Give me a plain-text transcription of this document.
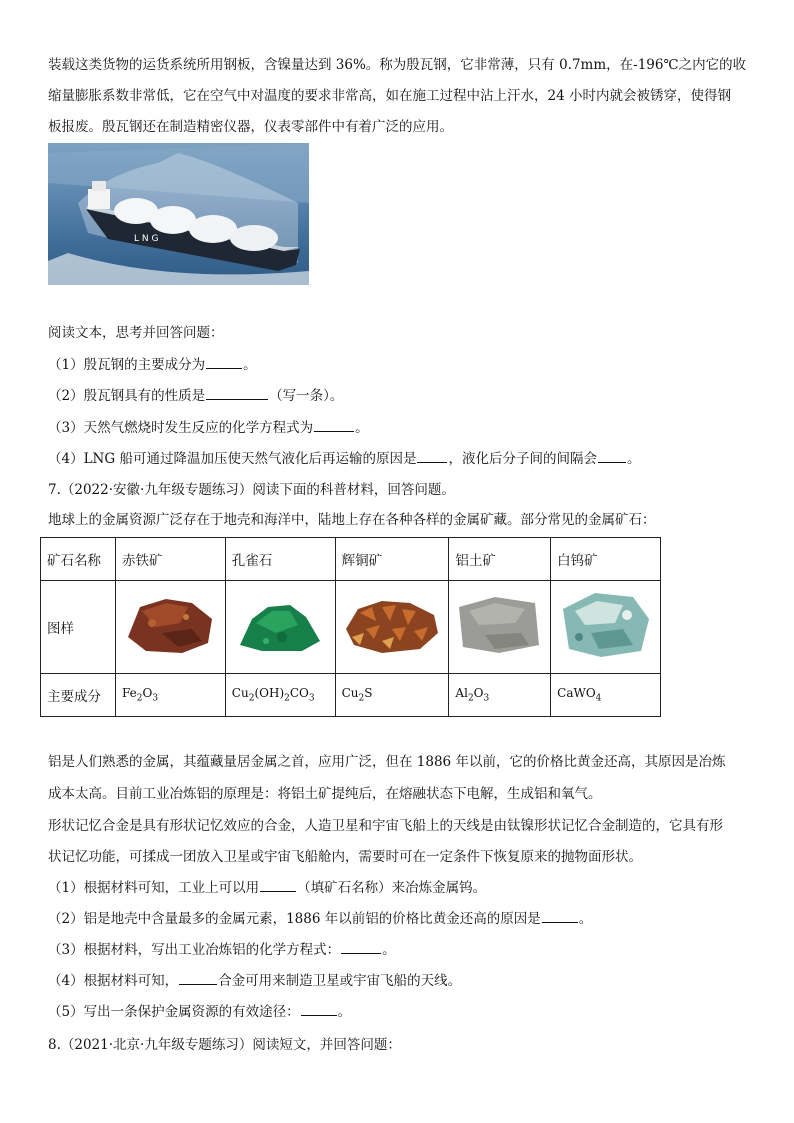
装载这类货物的运货系统所用钢板，含镍量达到 36%。称为殷瓦钢，它非常薄，只有 0.7mm，在-196℃之内它的收
缩量膨胀系数非常低，它在空气中对温度的要求非常高，如在施工过程中沾上汗水，24 小时内就会被锈穿，使得钢
板报废。殷瓦钢还在制造精密仪器，仪表零部件中有着广泛的应用。
L N G
阅读文本，思考并回答问题：
（1）殷瓦钢的主要成分为	。
（2）殷瓦钢具有的性质是	（写一条）。
（3）天然气燃烧时发生反应的化学方程式为	。
（4）LNG 船可通过降温加压使天然气液化后再运输的原因是 ，液化后分子间的间隔会 。
7.（2022·安徽·九年级专题练习）阅读下面的科普材料，回答问题。
地球上的金属资源广泛存在于地壳和海洋中，陆地上存在各种各样的金属矿藏。部分常见的金属矿石：
矿石名称	赤铁矿	孔雀石	辉铜矿	铝土矿	白钨矿
图样					
主要成分	$Fe_2O_3$	$Cu_2(OH)_2CO_3$	$Cu_2S$	$Al_2O_3$	CaWO$_4$
铝是人们熟悉的金属，其蕴藏量居金属之首，应用广泛，但在 1886 年以前，它的价格比黄金还高，其原因是冶炼
成本太高。目前工业冶炼铝的原理是：将铝土矿提纯后，在熔融状态下电解，生成铝和氧气。
形状记忆合金是具有形状记忆效应的合金，人造卫星和宇宙飞船上的天线是由钛镍形状记忆合金制造的，它具有形
状记忆功能，可揉成一团放入卫星或宇宙飞船舱内，需要时可在一定条件下恢复原来的抛物面形状。
（1）根据材料可知，工业上可以用	（填矿石名称）来冶炼金属钨。
（2）铝是地壳中含量最多的金属元素，1886 年以前铝的价格比黄金还高的原因是	。
（3）根据材料，写出工业冶炼铝的化学方程式：	。
（4）根据材料可知，	合金可用来制造卫星或宇宙飞船的天线。
（5）写出一条保护金属资源的有效途径：	。
8.（2021·北京·九年级专题练习）阅读短文，并回答问题：
